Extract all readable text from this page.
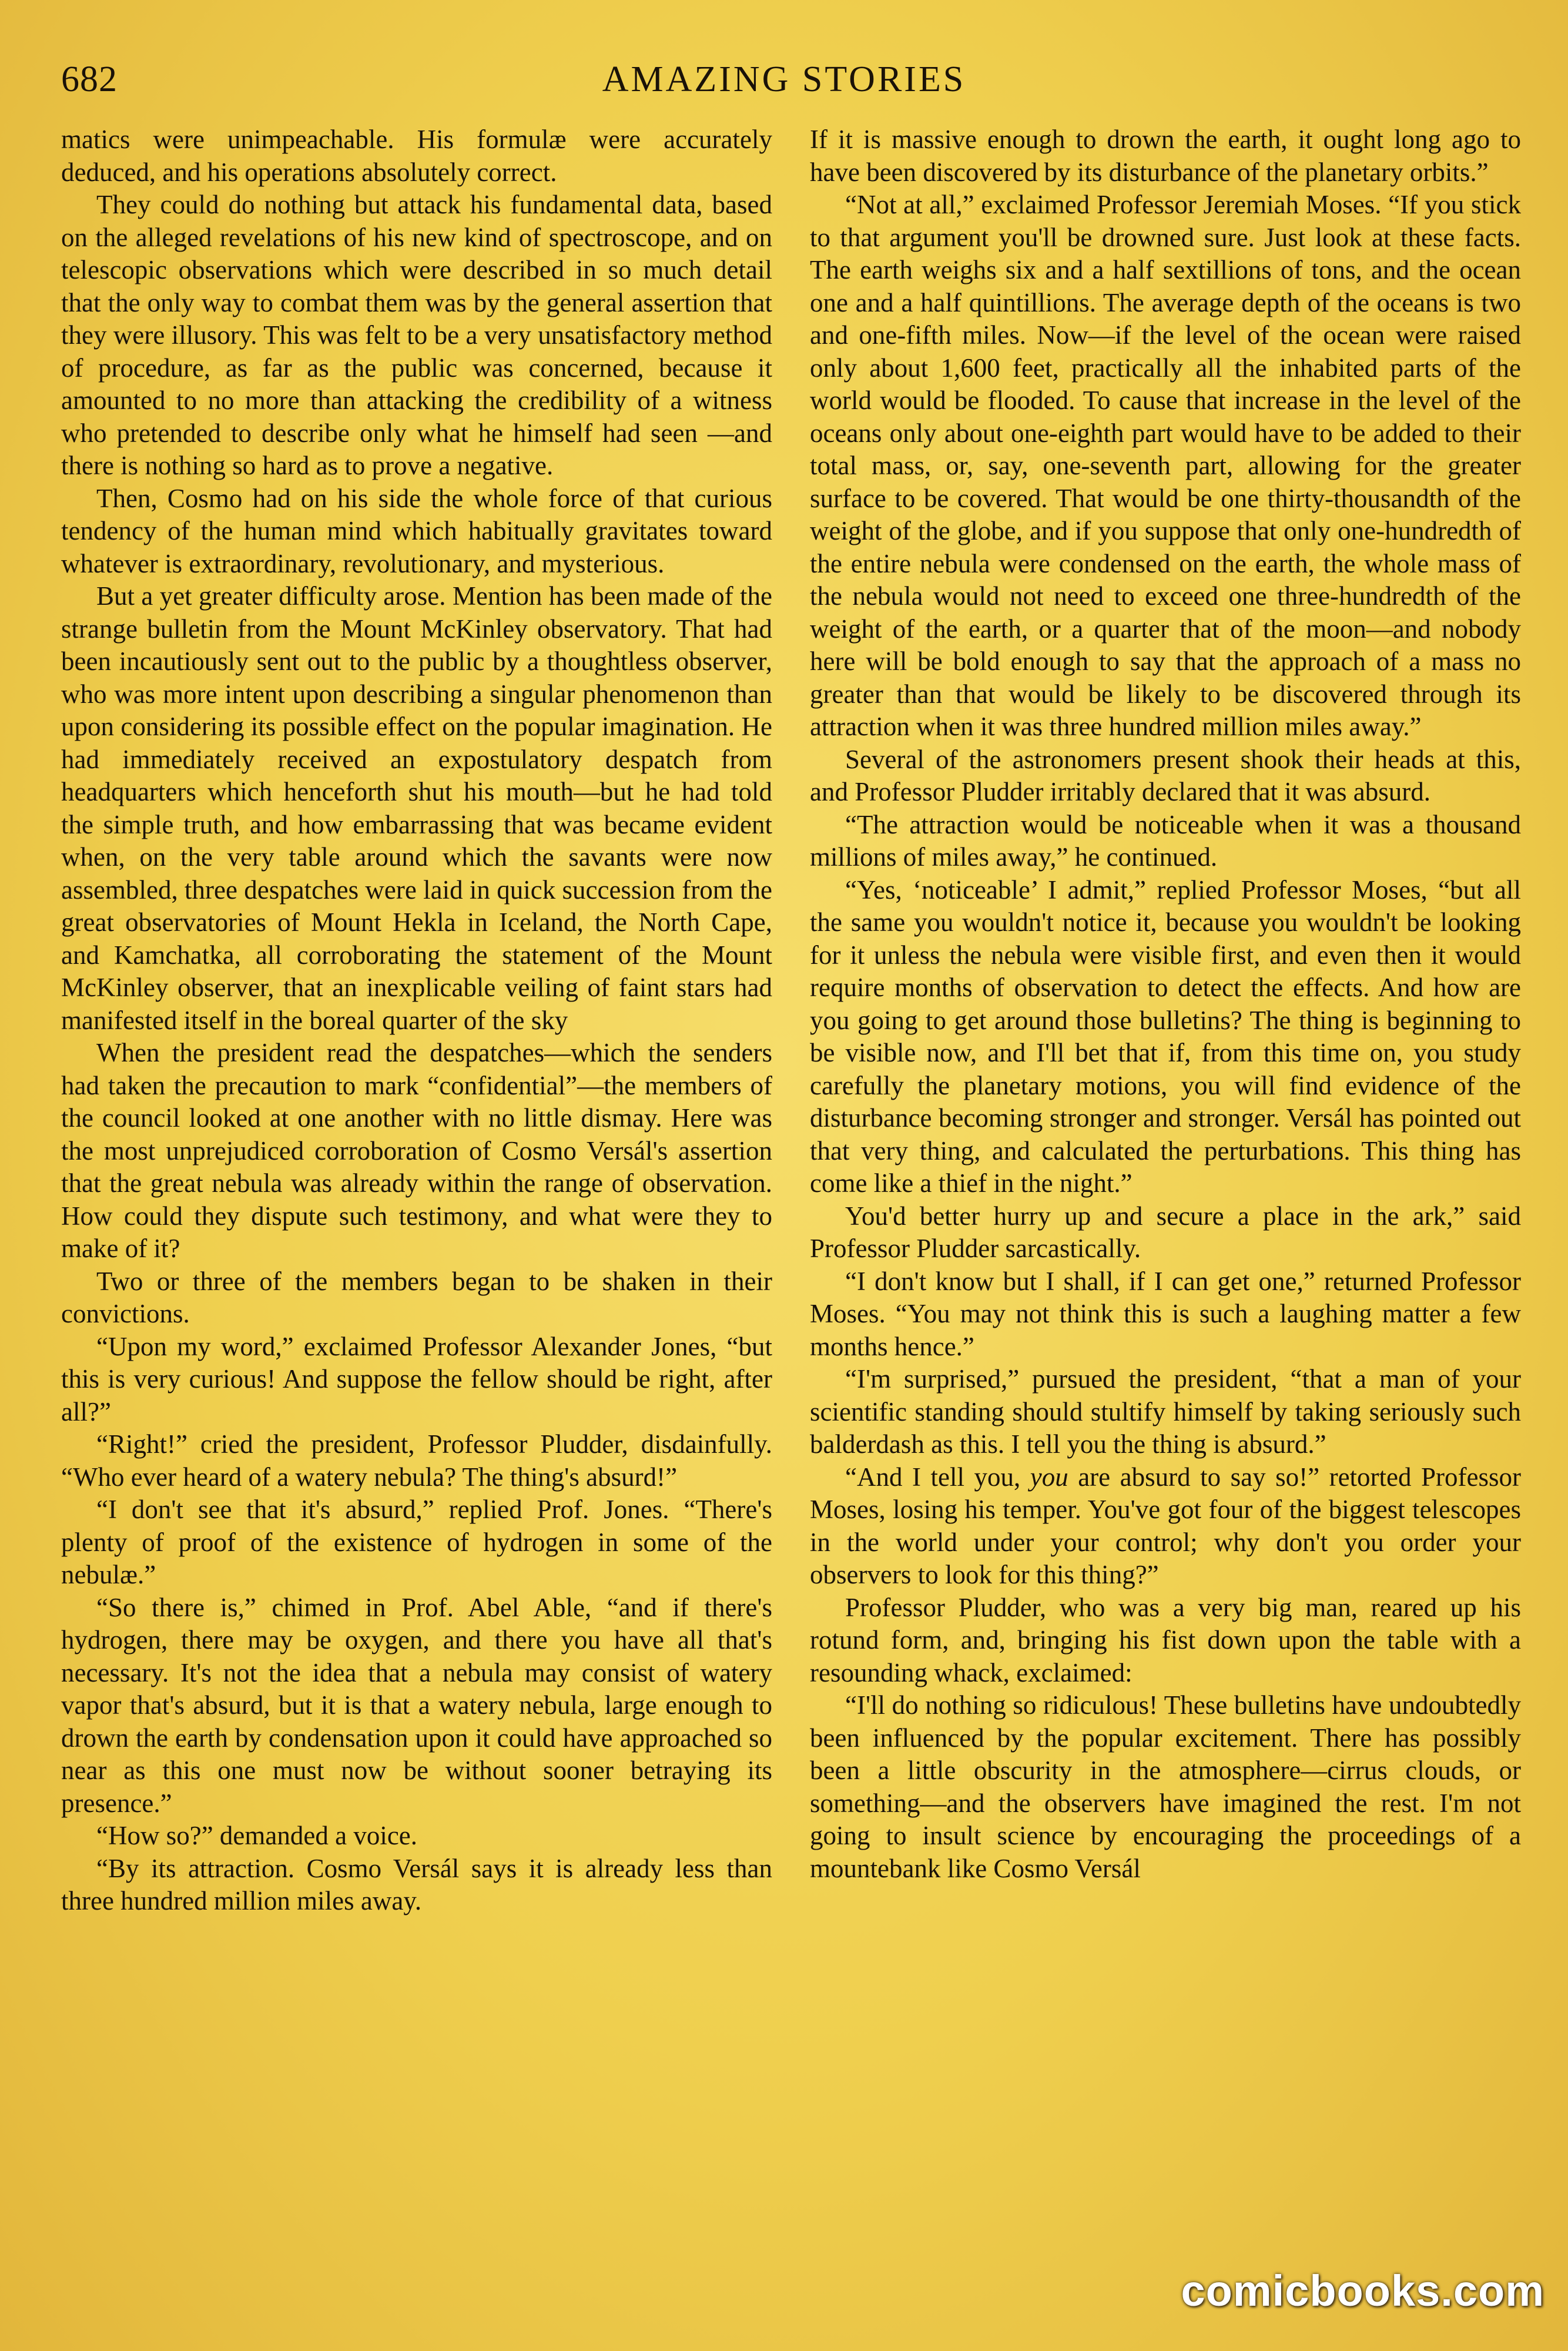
682	AMAZING STORIES

matics were unimpeachable. His formulæ were accurately deduced, and his operations absolutely correct.

They could do nothing but attack his fundamental data, based on the alleged revelations of his new kind of spectroscope, and on telescopic observations which were described in so much detail that the only way to combat them was by the general assertion that they were illusory. This was felt to be a very unsatisfactory method of procedure, as far as the public was concerned, because it amounted to no more than attacking the credibility of a witness who pretended to describe only what he himself had seen —and there is nothing so hard as to prove a negative.

Then, Cosmo had on his side the whole force of that curious tendency of the human mind which habitually gravitates toward whatever is extraordinary, revolutionary, and mysterious.

But a yet greater difficulty arose. Mention has been made of the strange bulletin from the Mount McKinley observatory. That had been incautiously sent out to the public by a thoughtless observer, who was more intent upon describing a singular phenomenon than upon considering its possible effect on the popular imagination. He had immediately received an expostulatory despatch from headquarters which henceforth shut his mouth—but he had told the simple truth, and how embarrassing that was became evident when, on the very table around which the savants were now assembled, three despatches were laid in quick succession from the great observatories of Mount Hekla in Iceland, the North Cape, and Kamchatka, all corroborating the statement of the Mount McKinley observer, that an inexplicable veiling of faint stars had manifested itself in the boreal quarter of the sky

When the president read the despatches—which the senders had taken the precaution to mark “confidential”—the members of the council looked at one another with no little dismay. Here was the most unprejudiced corroboration of Cosmo Versál's assertion that the great nebula was already within the range of observation. How could they dispute such testimony, and what were they to make of it?

Two or three of the members began to be shaken in their convictions.

“Upon my word,” exclaimed Professor Alexander Jones, “but this is very curious! And suppose the fellow should be right, after all?”

“Right!” cried the president, Professor Pludder, disdainfully. “Who ever heard of a watery nebula? The thing's absurd!”

“I don't see that it's absurd,” replied Prof. Jones. “There's plenty of proof of the existence of hydrogen in some of the nebulæ.”

“So there is,” chimed in Prof. Abel Able, “and if there's hydrogen, there may be oxygen, and there you have all that's necessary. It's not the idea that a nebula may consist of watery vapor that's absurd, but it is that a watery nebula, large enough to drown the earth by condensation upon it could have approached so near as this one must now be without sooner betraying its presence.”

“How so?” demanded a voice.

“By its attraction. Cosmo Versál says it is already less than three hundred million miles away.

If it is massive enough to drown the earth, it ought long ago to have been discovered by its disturbance of the planetary orbits.”

“Not at all,” exclaimed Professor Jeremiah Moses. “If you stick to that argument you'll be drowned sure. Just look at these facts. The earth weighs six and a half sextillions of tons, and the ocean one and a half quintillions. The average depth of the oceans is two and one-fifth miles. Now—if the level of the ocean were raised only about 1,600 feet, practically all the inhabited parts of the world would be flooded. To cause that increase in the level of the oceans only about one-eighth part would have to be added to their total mass, or, say, one-seventh part, allowing for the greater surface to be covered. That would be one thirty-thousandth of the weight of the globe, and if you suppose that only one-hundredth of the entire nebula were condensed on the earth, the whole mass of the nebula would not need to exceed one three-hundredth of the weight of the earth, or a quarter that of the moon—and nobody here will be bold enough to say that the approach of a mass no greater than that would be likely to be discovered through its attraction when it was three hundred million miles away.”

Several of the astronomers present shook their heads at this, and Professor Pludder irritably declared that it was absurd.

“The attraction would be noticeable when it was a thousand millions of miles away,” he continued.

“Yes, ‘noticeable’ I admit,” replied Professor Moses, “but all the same you wouldn't notice it, because you wouldn't be looking for it unless the nebula were visible first, and even then it would require months of observation to detect the effects. And how are you going to get around those bulletins? The thing is beginning to be visible now, and I'll bet that if, from this time on, you study carefully the planetary motions, you will find evidence of the disturbance becoming stronger and stronger. Versál has pointed out that very thing, and calculated the perturbations. This thing has come like a thief in the night.”

You'd better hurry up and secure a place in the ark,” said Professor Pludder sarcastically.

“I don't know but I shall, if I can get one,” returned Professor Moses. “You may not think this is such a laughing matter a few months hence.”

“I'm surprised,” pursued the president, “that a man of your scientific standing should stultify himself by taking seriously such balderdash as this. I tell you the thing is absurd.”

“And I tell you, you are absurd to say so!” retorted Professor Moses, losing his temper. You've got four of the biggest telescopes in the world under your control; why don't you order your observers to look for this thing?”

Professor Pludder, who was a very big man, reared up his rotund form, and, bringing his fist down upon the table with a resounding whack, exclaimed:

“I'll do nothing so ridiculous! These bulletins have undoubtedly been influenced by the popular excitement. There has possibly been a little obscurity in the atmosphere—cirrus clouds, or something—and the observers have imagined the rest. I'm not going to insult science by encouraging the proceedings of a mountebank like Cosmo Versál

comicbooks.com
